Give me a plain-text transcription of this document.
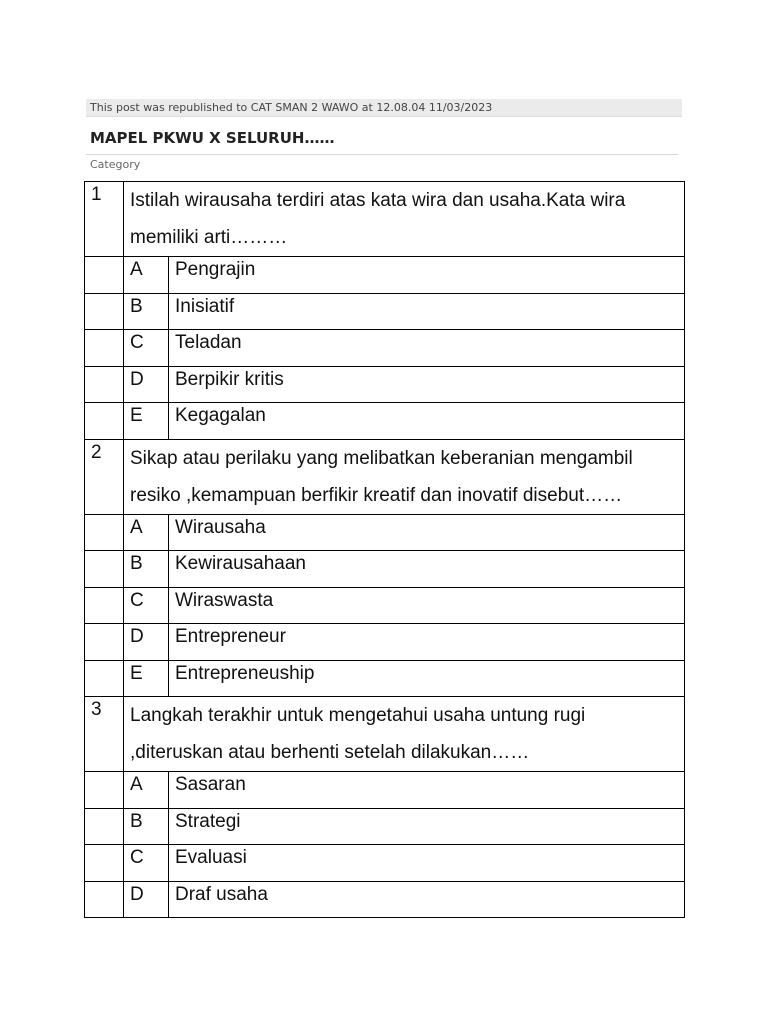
This post was republished to CAT SMAN 2 WAWO at 12.08.04 11/03/2023
MAPEL PKWU X SELURUH……
Category
1	Istilah wirausaha terdiri atas kata wira dan usaha.Kata wira memiliki arti………	
	A	Pengrajin
	B	Inisiatif
	C	Teladan
	D	Berpikir kritis
	E	Kegagalan
2	Sikap atau perilaku yang melibatkan keberanian mengambil resiko ,kemampuan berfikir kreatif dan inovatif disebut……	
	A	Wirausaha
	B	Kewirausahaan
	C	Wiraswasta
	D	Entrepreneur
	E	Entrepreneuship
3	Langkah terakhir untuk mengetahui usaha untung rugi ,diteruskan atau berhenti setelah dilakukan……	
	A	Sasaran
	B	Strategi
	C	Evaluasi
	D	Draf usaha
